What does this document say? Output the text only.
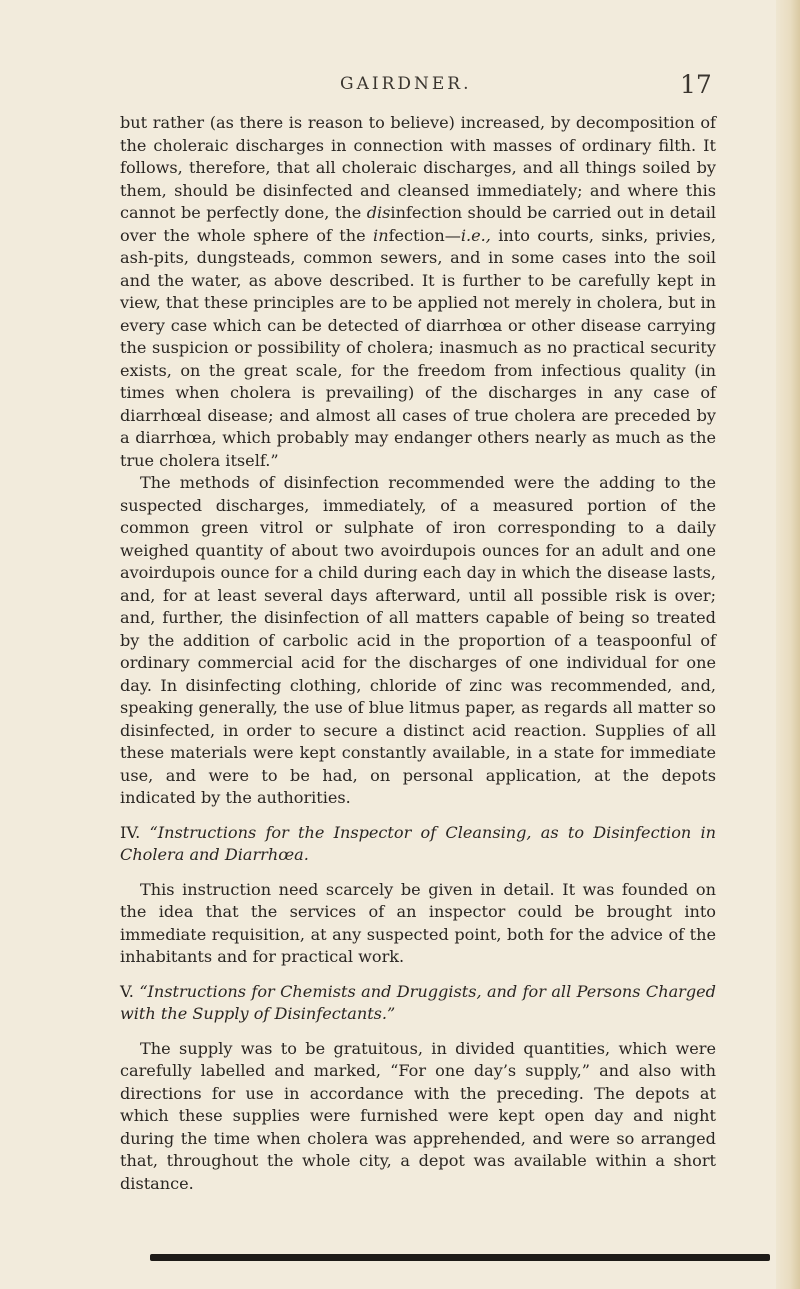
GAIRDNER.	17

but rather (as there is reason to believe) increased, by decomposition of the choleraic discharges in connection with masses of ordinary filth. It follows, therefore, that all choleraic discharges, and all things soiled by them, should be disinfected and cleansed immediately; and where this cannot be perfectly done, the disinfection should be carried out in detail over the whole sphere of the infection—i.e., into courts, sinks, privies, ash-pits, dungsteads, common sewers, and in some cases into the soil and the water, as above described. It is further to be carefully kept in view, that these principles are to be applied not merely in cholera, but in every case which can be detected of diarrhœa or other disease carrying the suspicion or possibility of cholera; inasmuch as no practical security exists, on the great scale, for the freedom from infectious quality (in times when cholera is prevailing) of the discharges in any case of diarrhœal disease; and almost all cases of true cholera are preceded by a diarrhœa, which probably may endanger others nearly as much as the true cholera itself.”

The methods of disinfection recommended were the adding to the suspected discharges, immediately, of a measured portion of the common green vitrol or sulphate of iron corresponding to a daily weighed quantity of about two avoirdupois ounces for an adult and one avoirdupois ounce for a child during each day in which the disease lasts, and, for at least several days afterward, until all possible risk is over; and, further, the disinfection of all matters capable of being so treated by the addition of carbolic acid in the proportion of a teaspoonful of ordinary commercial acid for the discharges of one individual for one day. In disinfecting clothing, chloride of zinc was recommended, and, speaking generally, the use of blue litmus paper, as regards all matter so disinfected, in order to secure a distinct acid reaction. Supplies of all these materials were kept constantly available, in a state for immediate use, and were to be had, on personal application, at the depots indicated by the authorities.

IV. “Instructions for the Inspector of Cleansing, as to Disinfection in Cholera and Diarrhœa.

This instruction need scarcely be given in detail. It was founded on the idea that the services of an inspector could be brought into immediate requisition, at any suspected point, both for the advice of the inhabitants and for practical work.

V. “Instructions for Chemists and Druggists, and for all Persons Charged with the Supply of Disinfectants.”

The supply was to be gratuitous, in divided quantities, which were carefully labelled and marked, “For one day’s supply,” and also with directions for use in accordance with the preceding. The depots at which these supplies were furnished were kept open day and night during the time when cholera was apprehended, and were so arranged that, throughout the whole city, a depot was available within a short distance.
